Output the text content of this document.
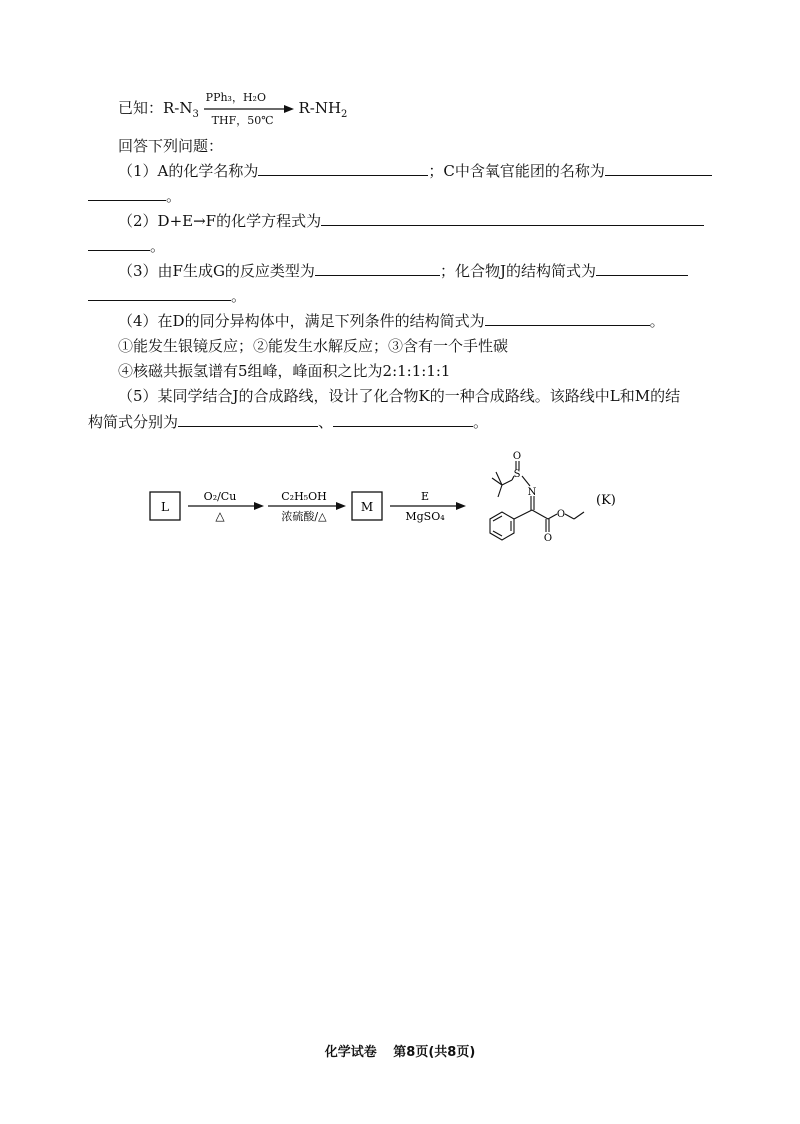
已知：$R-N_3$
PPh₃，H₂O
THF，50℃
$R-NH_2$
回答下列问题：
（1）A的化学名称为	；C中含氧官能团的名称为
。
（2）D+E→F的化学方程式为
。
（3）由F生成G的反应类型为	；化合物J的结构简式为
。
（4）在D的同分异构体中，满足下列条件的结构简式为	。
①能发生银镜反应；②能发生水解反应；③含有一个手性碳
④核磁共振氢谱有5组峰，峰面积之比为2:1:1:1:1
（5）某同学结合J的合成路线，设计了化合物K的一种合成路线。该路线中L和M的结
构简式分别为	、	。
L
O₂/Cu
△
C₂H₅OH
浓硫酸/△
M
E
MgSO₄
S
O
N
O
O
(K)
化学试卷 第8页(共8页)
